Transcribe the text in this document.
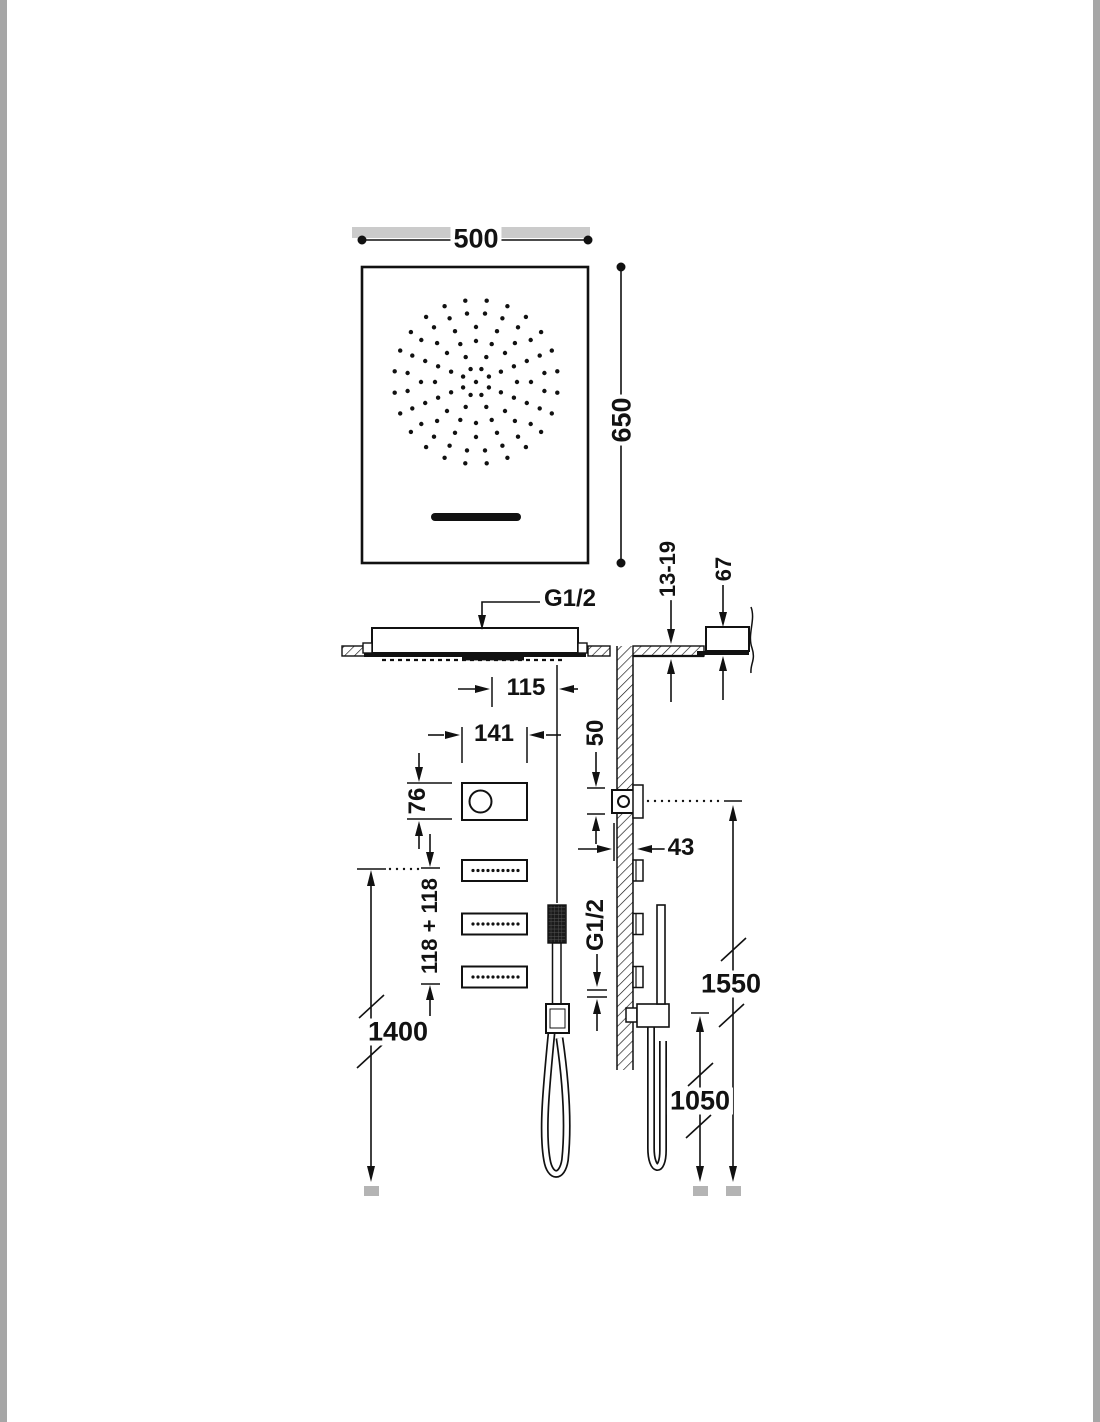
500
650
G1/2
13-19 67
115
141
76
50
43
118 + 118	G1/2
1400
1550
1050
